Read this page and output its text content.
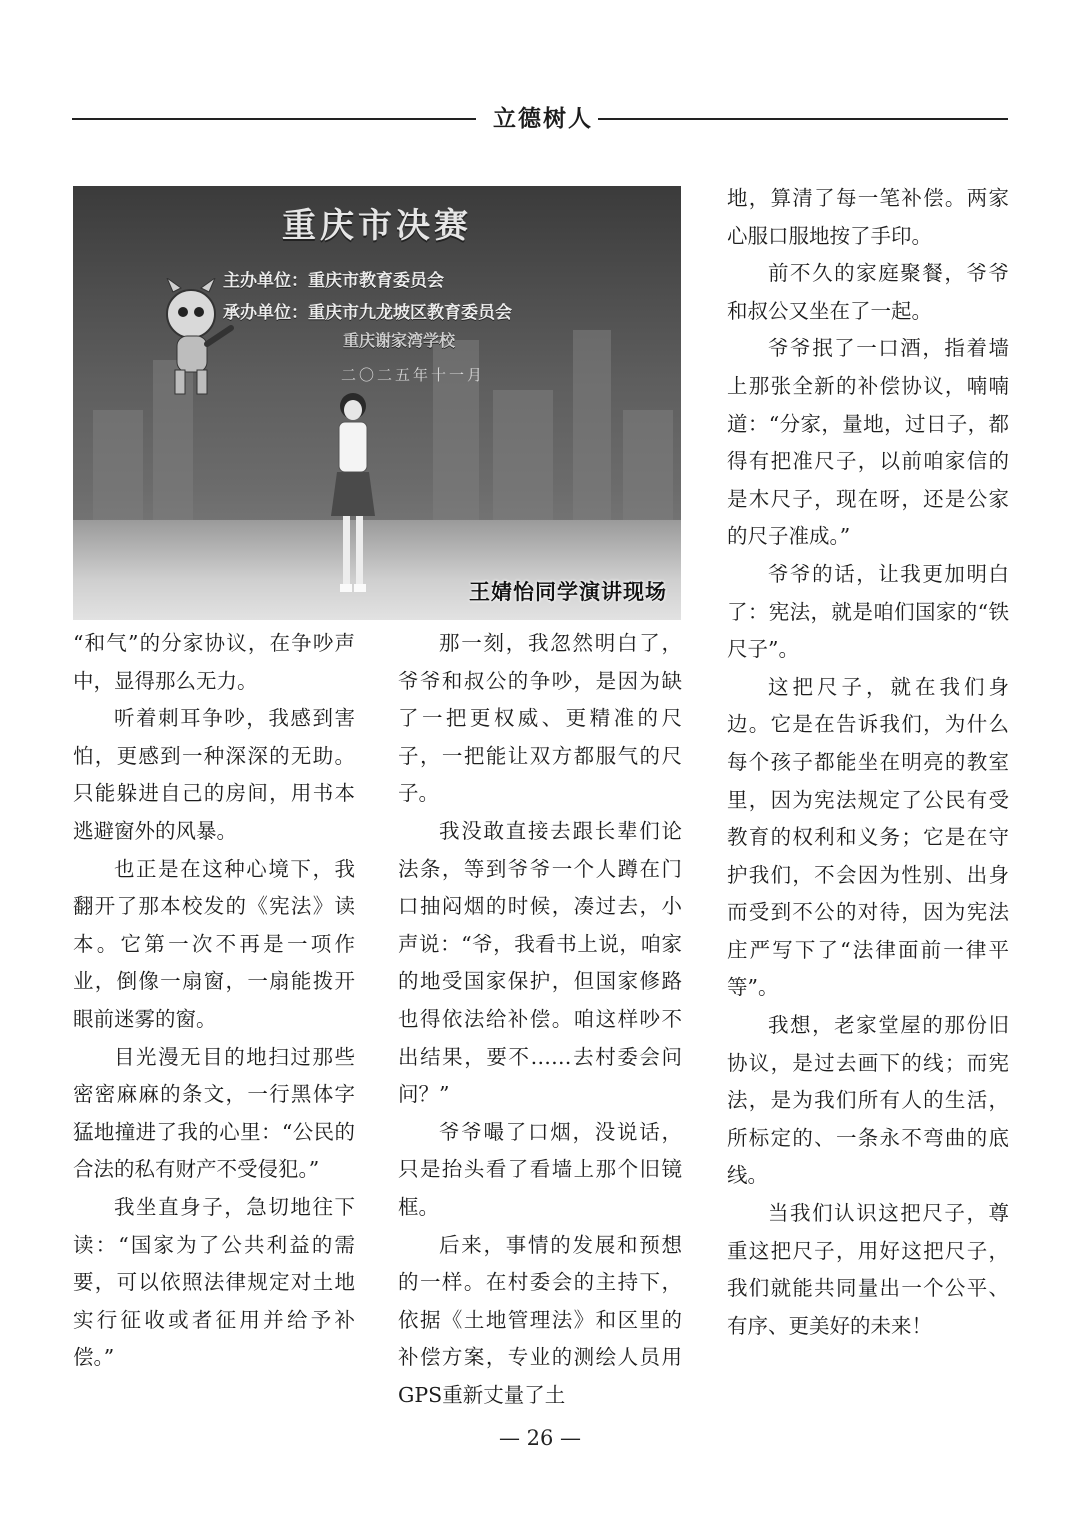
立德树人
重庆市决赛
主办单位：重庆市教育委员会
承办单位：重庆市九龙坡区教育委员会
重庆谢家湾学校
二〇二五年十一月
王婧怡同学演讲现场

“和气”的分家协议，在争吵声中，显得那么无力。

听着刺耳争吵，我感到害怕，更感到一种深深的无助。只能躲进自己的房间，用书本逃避窗外的风暴。

也正是在这种心境下，我翻开了那本校发的《宪法》读本。它第一次不再是一项作业，倒像一扇窗，一扇能拨开眼前迷雾的窗。

目光漫无目的地扫过那些密密麻麻的条文，一行黑体字猛地撞进了我的心里：“公民的合法的私有财产不受侵犯。”

我坐直身子，急切地往下读：“国家为了公共利益的需要，可以依照法律规定对土地实行征收或者征用并给予补偿。”

那一刻，我忽然明白了，爷爷和叔公的争吵，是因为缺了一把更权威、更精准的尺子，一把能让双方都服气的尺子。

我没敢直接去跟长辈们论法条，等到爷爷一个人蹲在门口抽闷烟的时候，凑过去，小声说：“爷，我看书上说，咱家的地受国家保护，但国家修路也得依法给补偿。咱这样吵不出结果，要不……去村委会问问？”

爷爷嘬了口烟，没说话，只是抬头看了看墙上那个旧镜框。

后来，事情的发展和预想的一样。在村委会的主持下，依据《土地管理法》和区里的补偿方案，专业的测绘人员用GPS重新丈量了土

地，算清了每一笔补偿。两家心服口服地按了手印。

前不久的家庭聚餐，爷爷和叔公又坐在了一起。

爷爷抿了一口酒，指着墙上那张全新的补偿协议，喃喃道：“分家，量地，过日子，都得有把准尺子，以前咱家信的是木尺子，现在呀，还是公家的尺子准成。”

爷爷的话，让我更加明白了：宪法，就是咱们国家的“铁尺子”。

这把尺子，就在我们身边。它是在告诉我们，为什么每个孩子都能坐在明亮的教室里，因为宪法规定了公民有受教育的权利和义务；它是在守护我们，不会因为性别、出身而受到不公的对待，因为宪法庄严写下了“法律面前一律平等”。

我想，老家堂屋的那份旧协议，是过去画下的线；而宪法，是为我们所有人的生活，所标定的、一条永不弯曲的底线。

当我们认识这把尺子，尊重这把尺子，用好这把尺子，我们就能共同量出一个公平、有序、更美好的未来！

— 26 —
